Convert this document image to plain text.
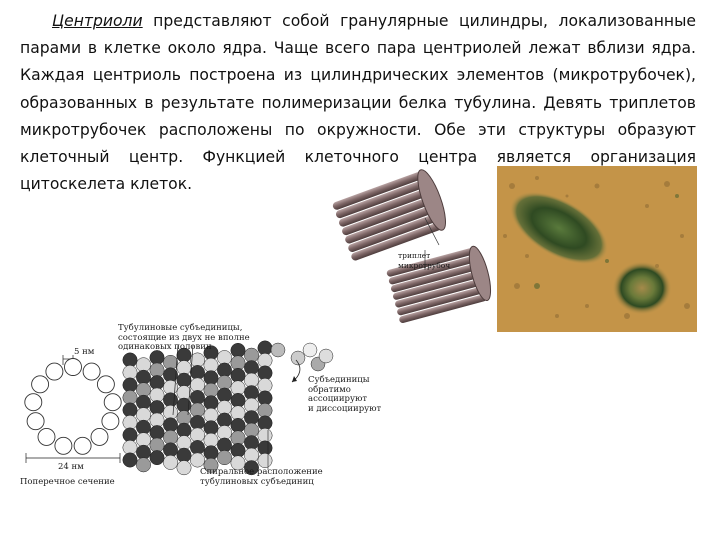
Центриоли представляют собой гранулярные цилиндры, локализованные парами в клетке около ядра. Чаще всего пара центриолей лежат вблизи ядра. Каждая центриоль построена из цилиндрических элементов (микротрубочек), образованных в результате полимеризации белка тубулина. Девять триплетов микротрубочек расположены по окружности. Обе эти структуры образуют клеточный центр. Функцией клеточного центра является организация цитоскелета клеток.
триплет
микротрубоч
5 нм
24 нм
Поперечное сечение
Тубулиновые субъединицы,
состоящие из двух не вполне
одинаковых половин
Субъединицы
обратимо
ассоциируют
и диссоциируют
Спиральное расположение
тубулиновых субъединиц
